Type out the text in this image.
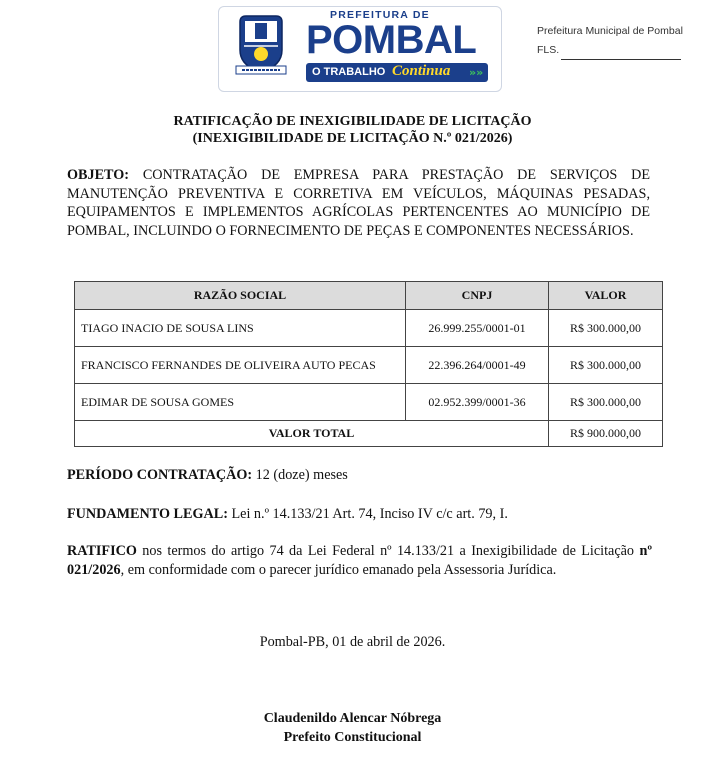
PREFEITURA DE
POMBAL
O TRABALHO Continua »»
Prefeitura Municipal de Pombal
FLS.
RATIFICAÇÃO DE INEXIGIBILIDADE DE LICITAÇÃO
(INEXIGIBILIDADE DE LICITAÇÃO N.º 021/2026)
OBJETO: CONTRATAÇÃO DE EMPRESA PARA PRESTAÇÃO DE SERVIÇOS DE MANUTENÇÃO PREVENTIVA E CORRETIVA EM VEÍCULOS, MÁQUINAS PESADAS, EQUIPAMENTOS E IMPLEMENTOS AGRÍCOLAS PERTENCENTES AO MUNICÍPIO DE POMBAL, INCLUINDO O FORNECIMENTO DE PEÇAS E COMPONENTES NECESSÁRIOS.
RAZÃO SOCIAL	CNPJ	VALOR
TIAGO INACIO DE SOUSA LINS	26.999.255/0001-01	R$ 300.000,00
FRANCISCO FERNANDES DE OLIVEIRA AUTO PECAS	22.396.264/0001-49	R$ 300.000,00
EDIMAR DE SOUSA GOMES	02.952.399/0001-36	R$ 300.000,00
VALOR TOTAL		R$ 900.000,00
PERÍODO CONTRATAÇÃO: 12 (doze) meses
FUNDAMENTO LEGAL: Lei n.º 14.133/21 Art. 74, Inciso IV c/c art. 79, I.
RATIFICO nos termos do artigo 74 da Lei Federal nº 14.133/21 a Inexigibilidade de Licitação nº 021/2026, em conformidade com o parecer jurídico emanado pela Assessoria Jurídica.
Pombal-PB, 01 de abril de 2026.
Claudenildo Alencar Nóbrega
Prefeito Constitucional
